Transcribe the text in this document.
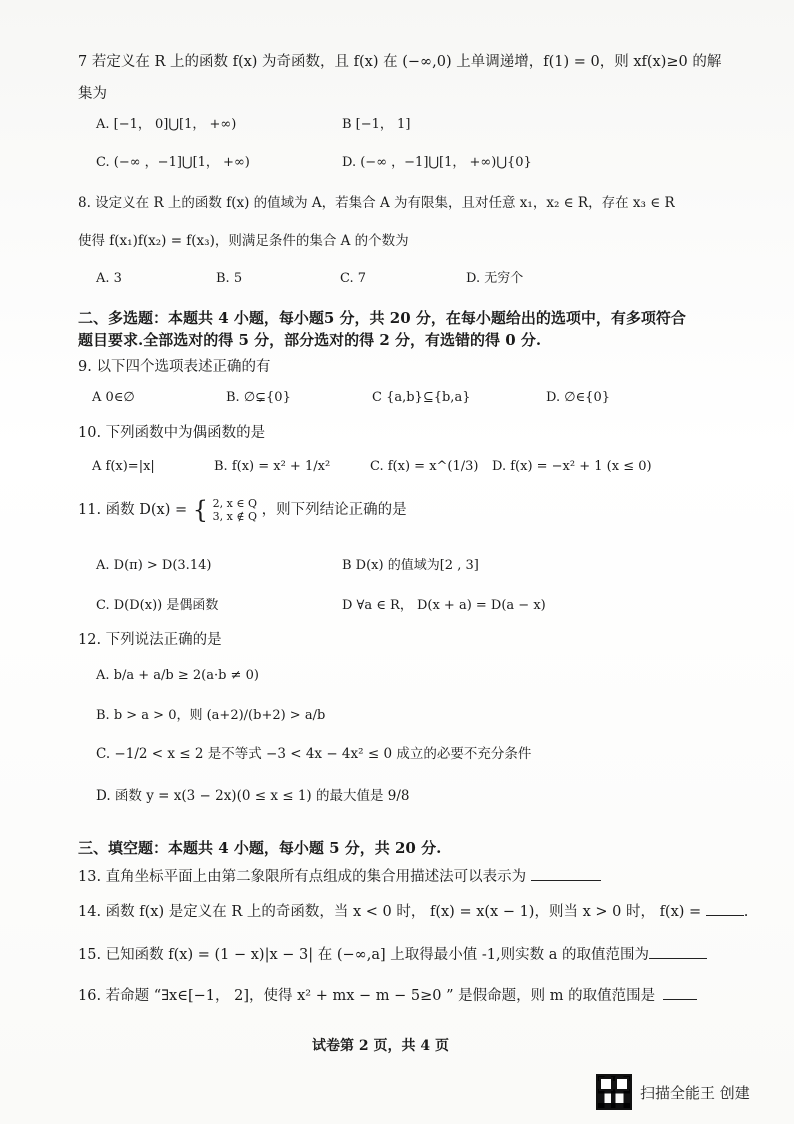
7 若定义在 R 上的函数 f(x) 为奇函数，且 f(x) 在 (−∞,0) 上单调递增，f(1) = 0，则 xf(x)≥0 的解
集为
A. [−1， 0]⋃[1， +∞)	B [−1， 1]
C. (−∞ ，−1]⋃[1， +∞)	D. (−∞ ，−1]⋃[1， +∞)⋃{0}
8. 设定义在 R 上的函数 f(x) 的值域为 A，若集合 A 为有限集，且对任意 x₁，x₂ ∈ R，存在 x₃ ∈ R
使得 f(x₁)f(x₂) = f(x₃)，则满足条件的集合 A 的个数为
A. 3	B. 5	C. 7	D. 无穷个
二、多选题：本题共 4 小题，每小题5 分，共 20 分，在每小题给出的选项中，有多项符合
题目要求.全部选对的得 5 分，部分选对的得 2 分，有选错的得 0 分.
9. 以下四个选项表述正确的有
A 0∈∅	B. ∅⊊{0}	C {a,b}⊆{b,a}	D. ∅∈{0}
10. 下列函数中为偶函数的是
A f(x)=|x|	B. f(x) = x² + 1/x²	C. f(x) = x^(1/3) D. f(x) = −x² + 1 (x ≤ 0)
11. 函数 D(x) = { 2, x ∈ Q
3, x ∉ Q ，则下列结论正确的是
A. D(π) > D(3.14)	B D(x) 的值域为[2 , 3]
C. D(D(x)) 是偶函数	D ∀a ∈ R， D(x + a) = D(a − x)
12. 下列说法正确的是
A. b/a + a/b ≥ 2(a·b ≠ 0)
B. b > a > 0，则 (a+2)/(b+2) > a/b
C. −1/2 < x ≤ 2 是不等式 −3 < 4x − 4x² ≤ 0 成立的必要不充分条件
D. 函数 y = x(3 − 2x)(0 ≤ x ≤ 1) 的最大值是 9/8
三、填空题：本题共 4 小题，每小题 5 分，共 20 分.
13. 直角坐标平面上由第二象限所有点组成的集合用描述法可以表示为
14. 函数 f(x) 是定义在 R 上的奇函数，当 x < 0 时， f(x) = x(x − 1)，则当 x > 0 时， f(x) =	.
15. 已知函数 f(x) = (1 − x)|x − 3| 在 (−∞,a] 上取得最小值 -1,则实数 a 的取值范围为
16. 若命题 “∃x∈[−1， 2]，使得 x² + mx − m − 5≥0 ” 是假命题，则 m 的取值范围是
试卷第 2 页，共 4 页
扫描全能王 创建
